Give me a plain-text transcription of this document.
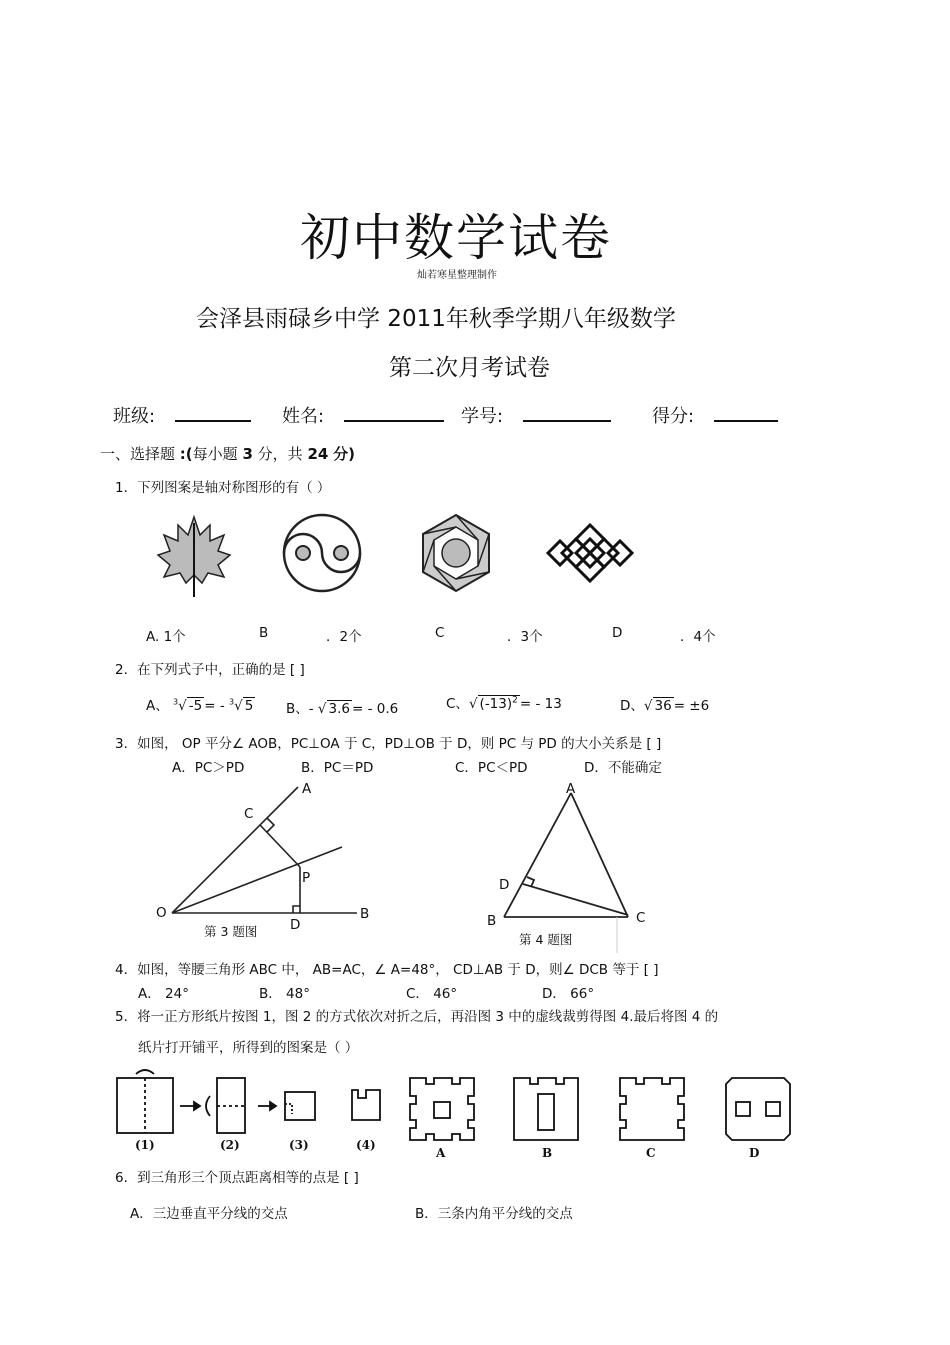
初中数学试卷
灿若寒星整理制作
会泽县雨碌乡中学 2011年秋季学期八年级数学
第二次月考试卷
班级:	姓名:	学号:	得分:
一、选择题 :(每小题 3 分，共 24 分)
1．下列图案是轴对称图形的有（ ）
A. 1个	B	．2个	C	．3个	D	．4个
2．在下列式子中，正确的是 [ ]
A、 $^3$√ -5 = - $^3$√ 5 B、- √ 3.6 = - 0.6	C、√ $(-13)^2$ = - 13	D、√ 36 = ±6
3．如图， OP 平分∠ AOB，PC⊥OA 于 C，PD⊥OB 于 D，则 PC 与 PD 的大小关系是 [ ]
A．PC＞PD	B．PC＝PD	C．PC＜PD	D．不能确定
A
C
P
O
D
B
第 3 题图
A
D
B	C
第 4 题图
4．如图，等腰三角形 ABC 中， AB=AC，∠ A=48°， CD⊥AB 于 D，则∠ DCB 等于 [ ]
A． 24°	B． 48°	C． 46°	D． 66°
5．将一正方形纸片按图 1，图 2 的方式依次对折之后，再沿图 3 中的虚线裁剪得图 4.最后将图 4 的
纸片打开铺平，所得到的图案是（ ）
(1)	(2)	(3)	(4)
A	B	C	D
6．到三角形三个顶点距离相等的点是 [ ]
A．三边垂直平分线的交点	B．三条内角平分线的交点
